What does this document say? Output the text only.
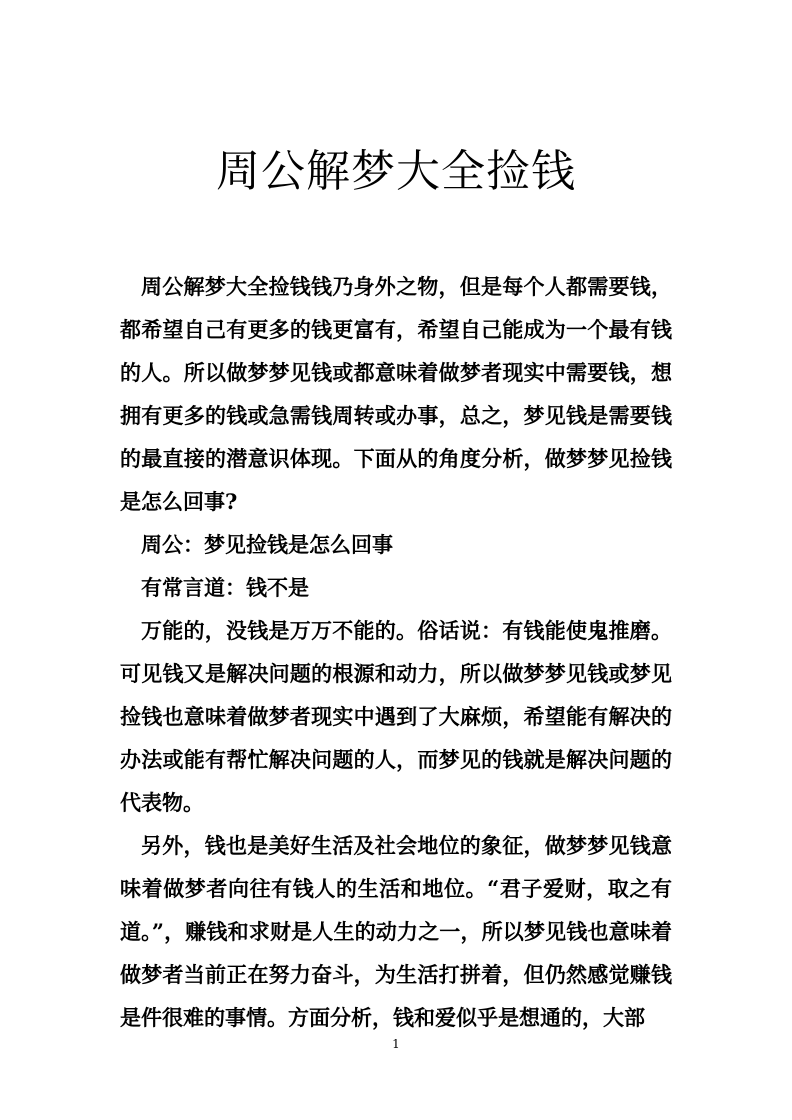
周公解梦大全捡钱

周公解梦大全捡钱钱乃身外之物，但是每个人都需要钱，都希望自己有更多的钱更富有，希望自己能成为一个最有钱的人。所以做梦梦见钱或都意味着做梦者现实中需要钱，想拥有更多的钱或急需钱周转或办事，总之，梦见钱是需要钱的最直接的潜意识体现。下面从的角度分析，做梦梦见捡钱是怎么回事?

周公：梦见捡钱是怎么回事

有常言道：钱不是

万能的，没钱是万万不能的。俗话说：有钱能使鬼推磨。可见钱又是解决问题的根源和动力，所以做梦梦见钱或梦见捡钱也意味着做梦者现实中遇到了大麻烦，希望能有解决的办法或能有帮忙解决问题的人，而梦见的钱就是解决问题的代表物。

另外，钱也是美好生活及社会地位的象征，做梦梦见钱意味着做梦者向往有钱人的生活和地位。“君子爱财，取之有道。”，赚钱和求财是人生的动力之一，所以梦见钱也意味着做梦者当前正在努力奋斗，为生活打拼着，但仍然感觉赚钱是件很难的事情。方面分析，钱和爱似乎是想通的，大部

1
